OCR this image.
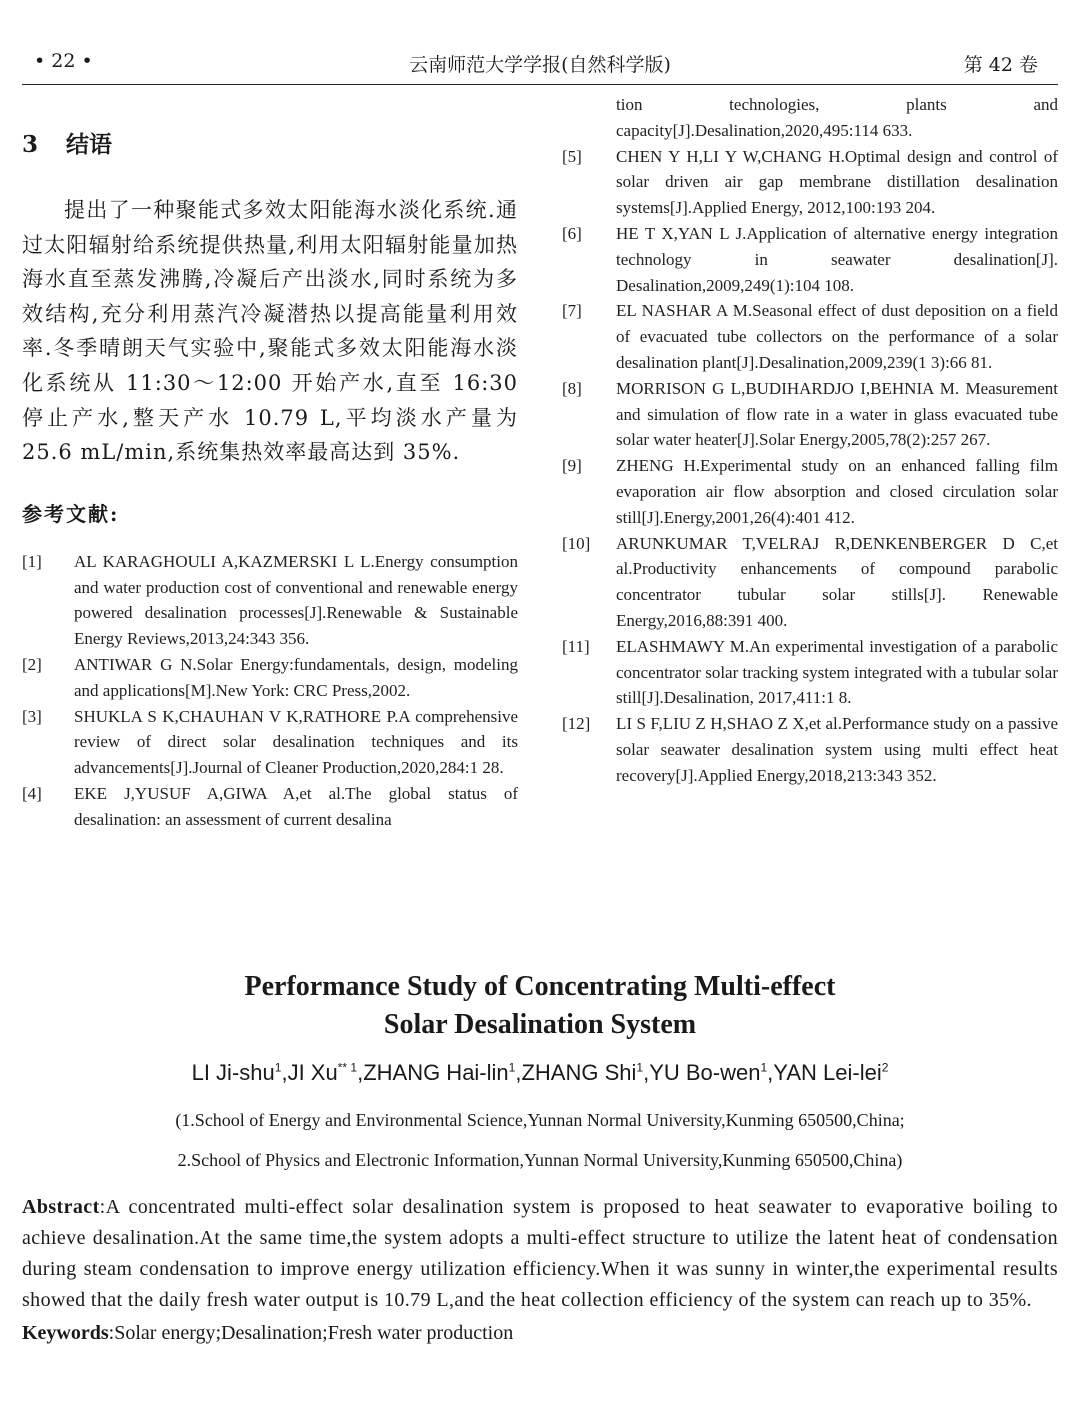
• 22 •	云南师范大学学报(自然科学版)	第 42 卷
3 结语

提出了一种聚能式多效太阳能海水淡化系统.通过太阳辐射给系统提供热量,利用太阳辐射能量加热海水直至蒸发沸腾,冷凝后产出淡水,同时系统为多效结构,充分利用蒸汽冷凝潜热以提高能量利用效率.冬季晴朗天气实验中,聚能式多效太阳能海水淡化系统从 11:30～12:00 开始产水,直至 16:30 停止产水,整天产水 10.79 L,平均淡水产量为 25.6 mL/min,系统集热效率最高达到 35%.

参考文献:
[1]	AL KARAGHOULI A,KAZMERSKI L L.Energy consumption and water production cost of conventional and renewable energy powered desalination processes[J].Renewable & Sustainable Energy Reviews,2013,24:343 356.
[2]	ANTIWAR G N.Solar Energy:fundamentals, design, modeling and applications[M].New York: CRC Press,2002.
[3]	SHUKLA S K,CHAUHAN V K,RATHORE P.A comprehensive review of direct solar desalination techniques and its advancements[J].Journal of Cleaner Production,2020,284:1 28.
[4]	EKE J,YUSUF A,GIWA A,et al.The global status of desalination: an assessment of current desalina
tion technologies, plants and capacity[J].Desalination,2020,495:114 633.
[5]	CHEN Y H,LI Y W,CHANG H.Optimal design and control of solar driven air gap membrane distillation desalination systems[J].Applied Energy, 2012,100:193 204.
[6]	HE T X,YAN L J.Application of alternative energy integration technology in seawater desalination[J]. Desalination,2009,249(1):104 108.
[7]	EL NASHAR A M.Seasonal effect of dust deposition on a field of evacuated tube collectors on the performance of a solar desalination plant[J].Desalination,2009,239(1 3):66 81.
[8]	MORRISON G L,BUDIHARDJO I,BEHNIA M. Measurement and simulation of flow rate in a water in glass evacuated tube solar water heater[J].Solar Energy,2005,78(2):257 267.
[9]	ZHENG H.Experimental study on an enhanced falling film evaporation air flow absorption and closed circulation solar still[J].Energy,2001,26(4):401 412.
[10]	ARUNKUMAR T,VELRAJ R,DENKENBERGER D C,et al.Productivity enhancements of compound parabolic concentrator tubular solar stills[J]. Renewable Energy,2016,88:391 400.
[11]	ELASHMAWY M.An experimental investigation of a parabolic concentrator solar tracking system integrated with a tubular solar still[J].Desalination, 2017,411:1 8.
[12]	LI S F,LIU Z H,SHAO Z X,et al.Performance study on a passive solar seawater desalination system using multi effect heat recovery[J].Applied Energy,2018,213:343 352.

Performance Study of Concentrating Multi-effect
Solar Desalination System

LI Ji-shu$^1$,JI Xu$^{** 1}$,ZHANG Hai-lin$^1$,ZHANG Shi$^1$,YU Bo-wen$^1$,YAN Lei-lei$^2$

(1.School of Energy and Environmental Science,Yunnan Normal University,Kunming 650500,China;

2.School of Physics and Electronic Information,Yunnan Normal University,Kunming 650500,China)

Abstract:A concentrated multi-effect solar desalination system is proposed to heat seawater to evaporative boiling to achieve desalination.At the same time,the system adopts a multi-effect structure to utilize the latent heat of condensation during steam condensation to improve energy utilization efficiency.When it was sunny in winter,the experimental results showed that the daily fresh water output is 10.79 L,and the heat collection efficiency of the system can reach up to 35%.

Keywords:Solar energy;Desalination;Fresh water production
